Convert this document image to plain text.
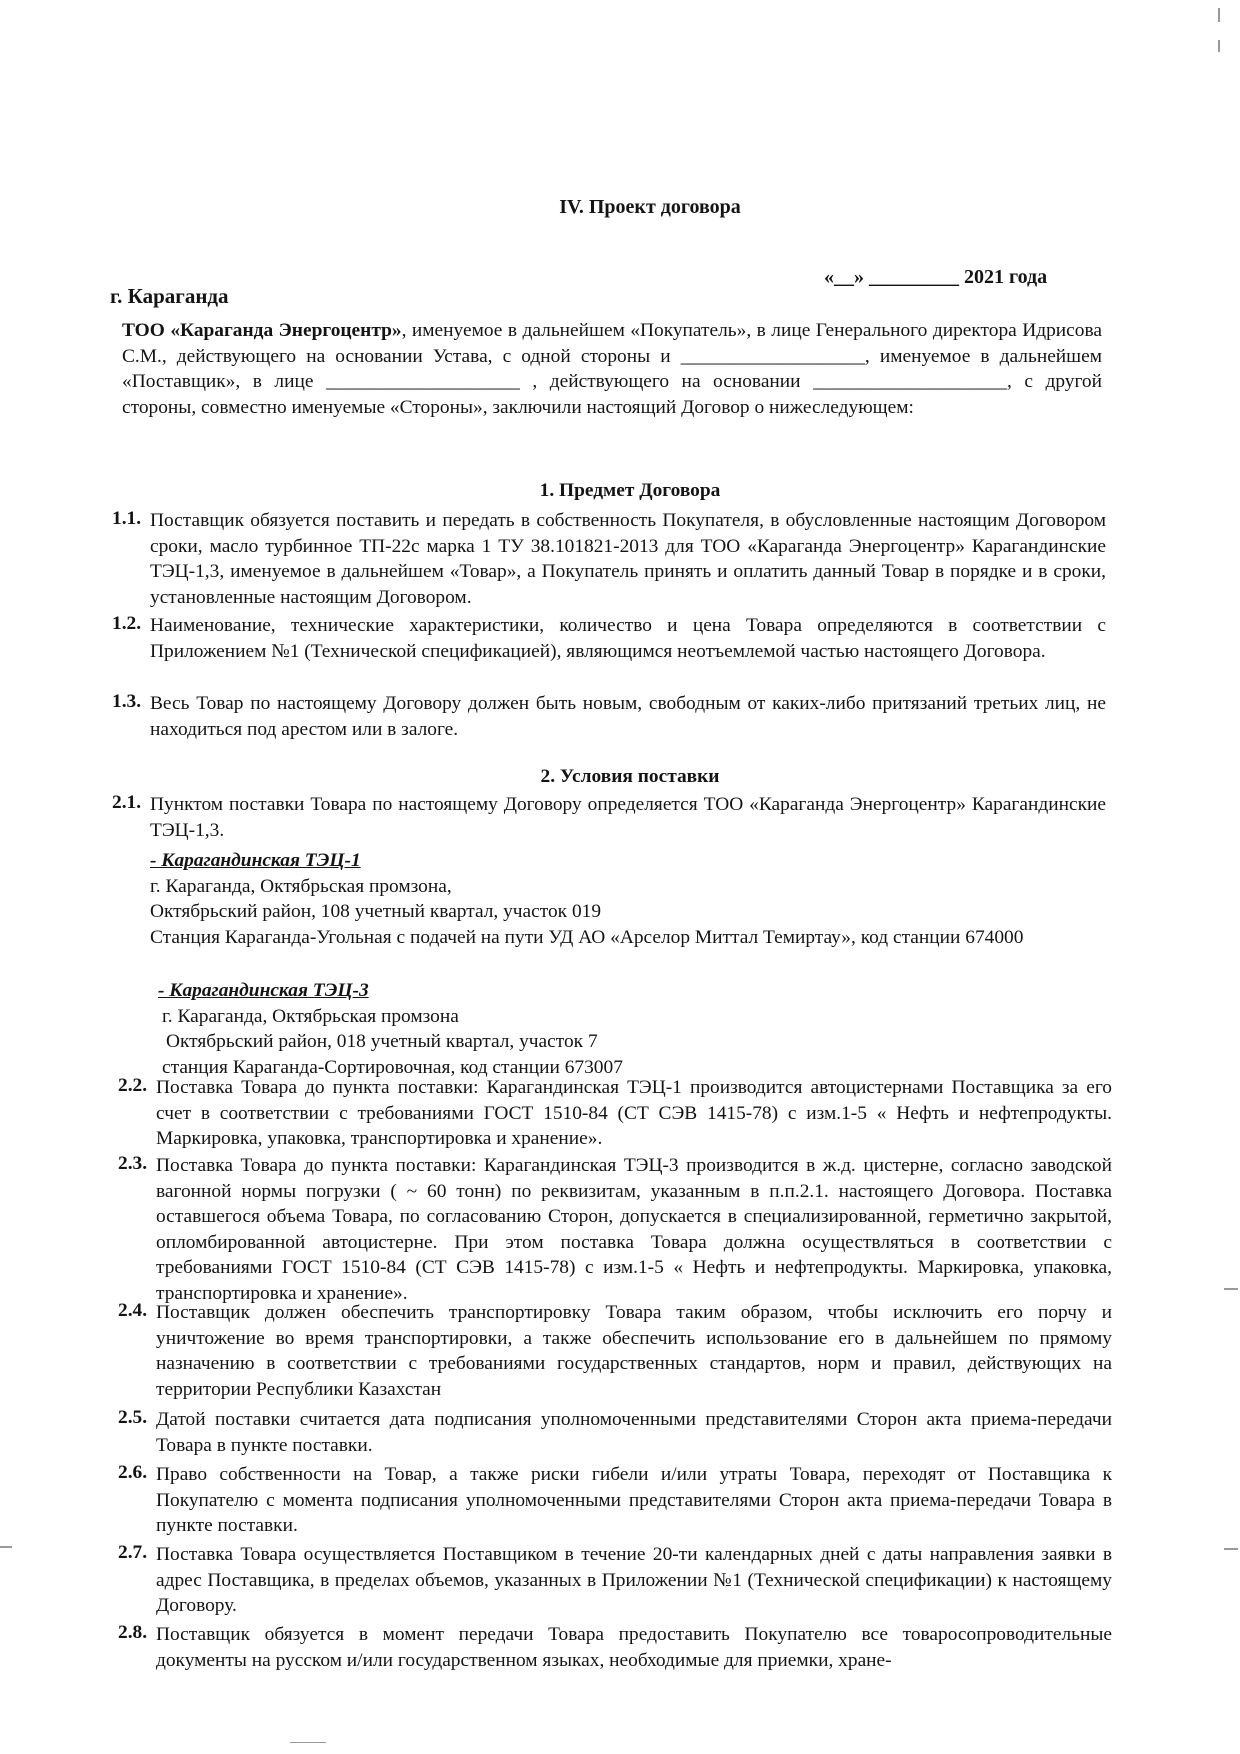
IV. Проект договора
г. Караганда
«__» _________ 2021 года
ТОО «Караганда Энергоцентр», именуемое в дальнейшем «Покупатель», в лице Генерального директора Идрисова С.М., действующего на основании Устава, с одной стороны и ___________________, именуемое в дальнейшем «Поставщик», в лице ____________________ , действующего на основании ____________________, с другой стороны, совместно именуемые «Стороны», заключили настоящий Договор о нижеследующем:
1. Предмет Договора
1.1. Поставщик обязуется поставить и передать в собственность Покупателя, в обусловленные настоящим Договором сроки, масло турбинное ТП-22с марка 1 ТУ 38.101821-2013 для ТОО «Караганда Энергоцентр» Карагандинские ТЭЦ-1,3, именуемое в дальнейшем «Товар», а Покупатель принять и оплатить данный Товар в порядке и в сроки, установленные настоящим Договором.
1.2. Наименование, технические характеристики, количество и цена Товара определяются в соответствии с Приложением №1 (Технической спецификацией), являющимся неотъемлемой частью настоящего Договора.
1.3. Весь Товар по настоящему Договору должен быть новым, свободным от каких-либо притязаний третьих лиц, не находиться под арестом или в залоге.
2. Условия поставки
2.1. Пунктом поставки Товара по настоящему Договору определяется ТОО «Караганда Энергоцентр» Карагандинские ТЭЦ-1,3.
- Карагандинская ТЭЦ-1
г. Караганда, Октябрьская промзона,
Октябрьский район, 108 учетный квартал, участок 019
Станция Караганда-Угольная с подачей на пути УД АО «Арселор Миттал Темиртау», код станции 674000
- Карагандинская ТЭЦ-3
г. Караганда, Октябрьская промзона
Октябрьский район, 018 учетный квартал, участок 7
станция Караганда-Сортировочная, код станции 673007
2.2. Поставка Товара до пункта поставки: Карагандинская ТЭЦ-1 производится автоцистернами Поставщика за его счет в соответствии с требованиями ГОСТ 1510-84 (СТ СЭВ 1415-78) с изм.1-5 « Нефть и нефтепродукты. Маркировка, упаковка, транспортировка и хранение».
2.3. Поставка Товара до пункта поставки: Карагандинская ТЭЦ-3 производится в ж.д. цистерне, согласно заводской вагонной нормы погрузки ( ~ 60 тонн) по реквизитам, указанным в п.п.2.1. настоящего Договора. Поставка оставшегося объема Товара, по согласованию Сторон, допускается в специализированной, герметично закрытой, опломбированной автоцистерне. При этом поставка Товара должна осуществляться в соответствии с требованиями ГОСТ 1510-84 (СТ СЭВ 1415-78) с изм.1-5 « Нефть и нефтепродукты. Маркировка, упаковка, транспортировка и хранение».
2.4. Поставщик должен обеспечить транспортировку Товара таким образом, чтобы исключить его порчу и уничтожение во время транспортировки, а также обеспечить использование его в дальнейшем по прямому назначению в соответствии с требованиями государственных стандартов, норм и правил, действующих на территории Республики Казахстан
2.5. Датой поставки считается дата подписания уполномоченными представителями Сторон акта приема-передачи Товара в пункте поставки.
2.6. Право собственности на Товар, а также риски гибели и/или утраты Товара, переходят от Поставщика к Покупателю с момента подписания уполномоченными представителями Сторон акта приема-передачи Товара в пункте поставки.
2.7. Поставка Товара осуществляется Поставщиком в течение 20-ти календарных дней с даты направления заявки в адрес Поставщика, в пределах объемов, указанных в Приложении №1 (Технической спецификации) к настоящему Договору.
2.8. Поставщик обязуется в момент передачи Товара предоставить Покупателю все товаросопроводительные документы на русском и/или государственном языках, необходимые для приемки, хране-
